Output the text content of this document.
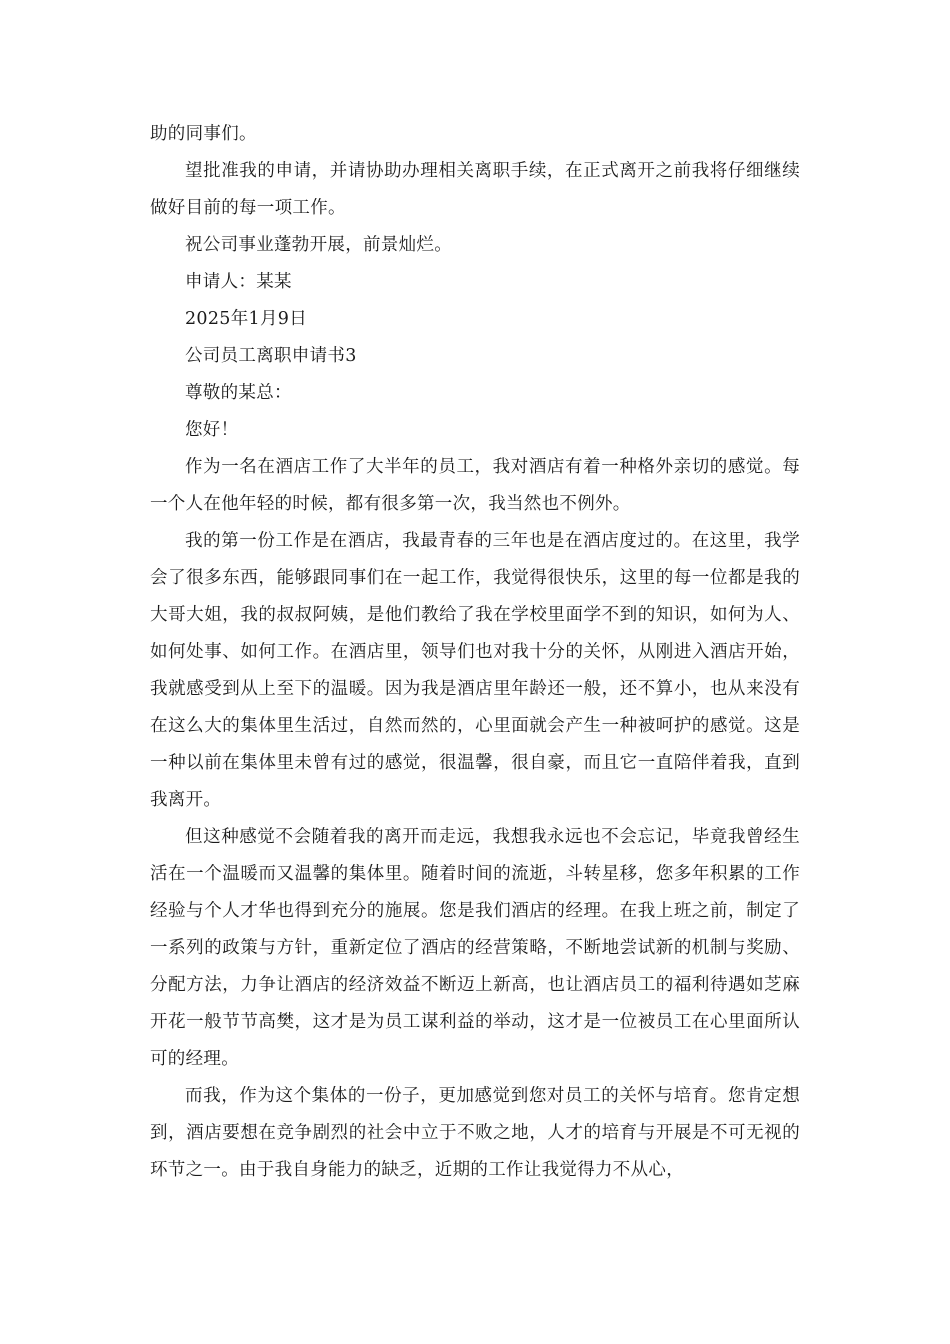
助的同事们。

望批准我的申请，并请协助办理相关离职手续，在正式离开之前我将仔细继续做好目前的每一项工作。

祝公司事业蓬勃开展，前景灿烂。

申请人：某某

2025年1月9日

公司员工离职申请书3

尊敬的某总：

您好！

作为一名在酒店工作了大半年的员工，我对酒店有着一种格外亲切的感觉。每一个人在他年轻的时候，都有很多第一次，我当然也不例外。

我的第一份工作是在酒店，我最青春的三年也是在酒店度过的。在这里，我学会了很多东西，能够跟同事们在一起工作，我觉得很快乐，这里的每一位都是我的大哥大姐，我的叔叔阿姨，是他们教给了我在学校里面学不到的知识，如何为人、如何处事、如何工作。在酒店里，领导们也对我十分的关怀，从刚进入酒店开始，我就感受到从上至下的温暖。因为我是酒店里年龄还一般，还不算小，也从来没有在这么大的集体里生活过，自然而然的，心里面就会产生一种被呵护的感觉。这是一种以前在集体里未曾有过的感觉，很温馨，很自豪，而且它一直陪伴着我，直到我离开。

但这种感觉不会随着我的离开而走远，我想我永远也不会忘记，毕竟我曾经生活在一个温暖而又温馨的集体里。随着时间的流逝，斗转星移，您多年积累的工作经验与个人才华也得到充分的施展。您是我们酒店的经理。在我上班之前，制定了一系列的政策与方针，重新定位了酒店的经营策略，不断地尝试新的机制与奖励、分配方法，力争让酒店的经济效益不断迈上新高，也让酒店员工的福利待遇如芝麻开花一般节节高樊，这才是为员工谋利益的举动，这才是一位被员工在心里面所认可的经理。

而我，作为这个集体的一份子，更加感觉到您对员工的关怀与培育。您肯定想到，酒店要想在竞争剧烈的社会中立于不败之地，人才的培育与开展是不可无视的环节之一。由于我自身能力的缺乏，近期的工作让我觉得力不从心，
